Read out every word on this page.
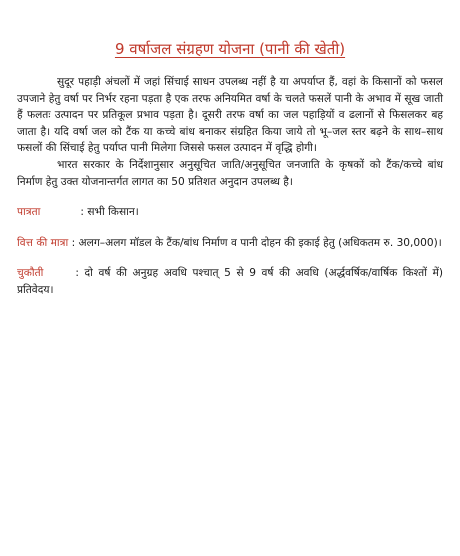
9 वर्षाजल संग्रहण योजना (पानी की खेती)

सुदूर पहाड़ी अंचलों में जहां सिंचाई साधन उपलब्ध नहीं है या अपर्याप्त हैं, वहां के किसानों को फसल उपजाने हेतु वर्षा पर निर्भर रहना पड़ता है एक तरफ अनियमित वर्षा के चलते फसलें पानी के अभाव में सूख जाती हैं फलतः उत्पादन पर प्रतिकूल प्रभाव पड़ता है। दूसरी तरफ वर्षा का जल पहाड़ियों व ढलानों से फिसलकर बह जाता है। यदि वर्षा जल को टैंक या कच्चे बांध बनाकर संग्रहित किया जाये तो भू–जल स्तर बढ़ने के साथ–साथ फसलों की सिंचाई हेतु पर्याप्त पानी मिलेगा जिससे फसल उत्पादन में वृद्धि होगी।

भारत सरकार के निर्देशानुसार अनुसूचित जाति/अनुसूचित जनजाति के कृषकों को टैंक/कच्चे बांध निर्माण हेतु उक्त योजनान्तर्गत लागत का 50 प्रतिशत अनुदान उपलब्ध है।

पात्रता	: सभी किसान।

वित्त की मात्रा : अलग–अलग मॉडल के टैंक/बांध निर्माण व पानी दोहन की इकाई हेतु (अधिकतम रु. 30,000)।

चुकौती	: दो वर्ष की अनुग्रह अवधि पश्चात् 5 से 9 वर्ष की अवधि (अर्द्धवर्षिक/वार्षिक किश्तों में) प्रतिवेदय।
